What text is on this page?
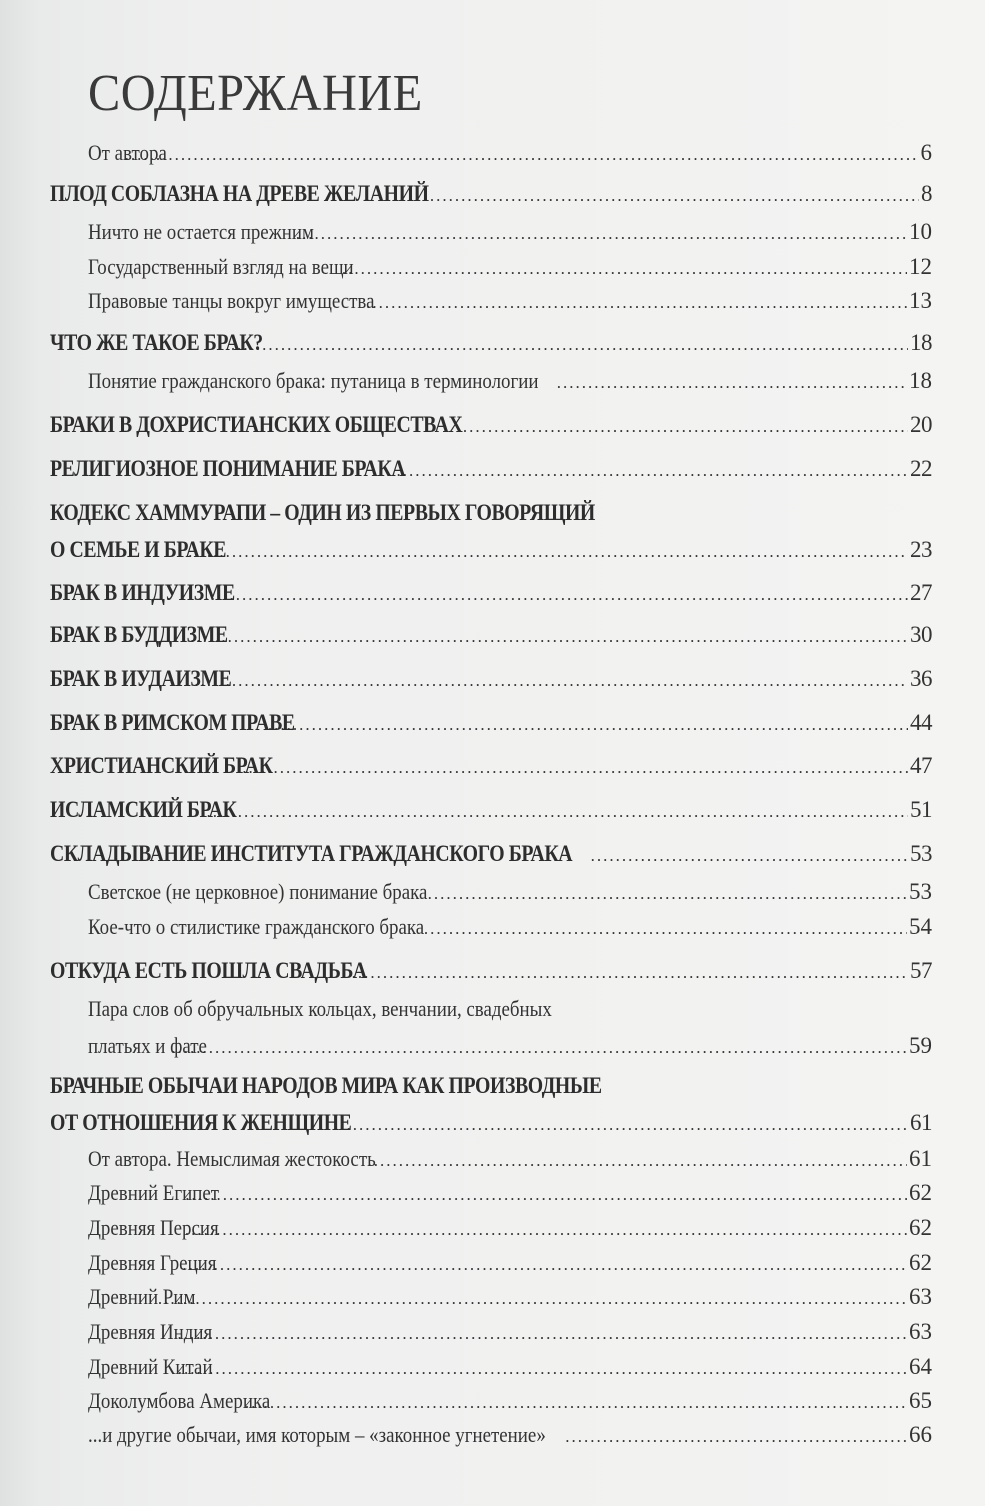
СОДЕРЖАНИЕ
От автора .....	6
ПЛОД СОБЛАЗНА НА ДРЕВЕ ЖЕЛАНИЙ .....	8
Ничто не остается прежним .....	10
Государственный взгляд на вещи .....	12
Правовые танцы вокруг имущества .....	13
ЧТО ЖЕ ТАКОЕ БРАК? .....	18
Понятие гражданского брака: путаница в терминологии .....	18
БРАКИ В ДОХРИСТИАНСКИХ ОБЩЕСТВАХ .....	20
РЕЛИГИОЗНОЕ ПОНИМАНИЕ БРАКА .....	22
КОДЕКС ХАММУРАПИ – ОДИН ИЗ ПЕРВЫХ ГОВОРЯЩИЙ
О СЕМЬЕ И БРАКЕ .....	23
БРАК В ИНДУИЗМЕ .....	27
БРАК В БУДДИЗМЕ .....	30
БРАК В ИУДАИЗМЕ .....	36
БРАК В РИМСКОМ ПРАВЕ .....	44
ХРИСТИАНСКИЙ БРАК .....	47
ИСЛАМСКИЙ БРАК .....	51
СКЛАДЫВАНИЕ ИНСТИТУТА ГРАЖДАНСКОГО БРАКА .....	53
Светское (не церковное) понимание брака .....	53
Кое-что о стилистике гражданского брака .....	54
ОТКУДА ЕСТЬ ПОШЛА СВАДЬБА .....	57
Пара слов об обручальных кольцах, венчании, свадебных
платьях и фате .....	59
БРАЧНЫЕ ОБЫЧАИ НАРОДОВ МИРА КАК ПРОИЗВОДНЫЕ
ОТ ОТНОШЕНИЯ К ЖЕНЩИНЕ .....	61
От автора. Немыслимая жестокость .....	61
Древний Египет .....	62
Древняя Персия .....	62
Древняя Греция .....	62
Древний Рим .....	63
Древняя Индия .....	63
Древний Китай .....	64
Доколумбова Америка .....	65
...и другие обычаи, имя которым – «законное угнетение» .....	66
